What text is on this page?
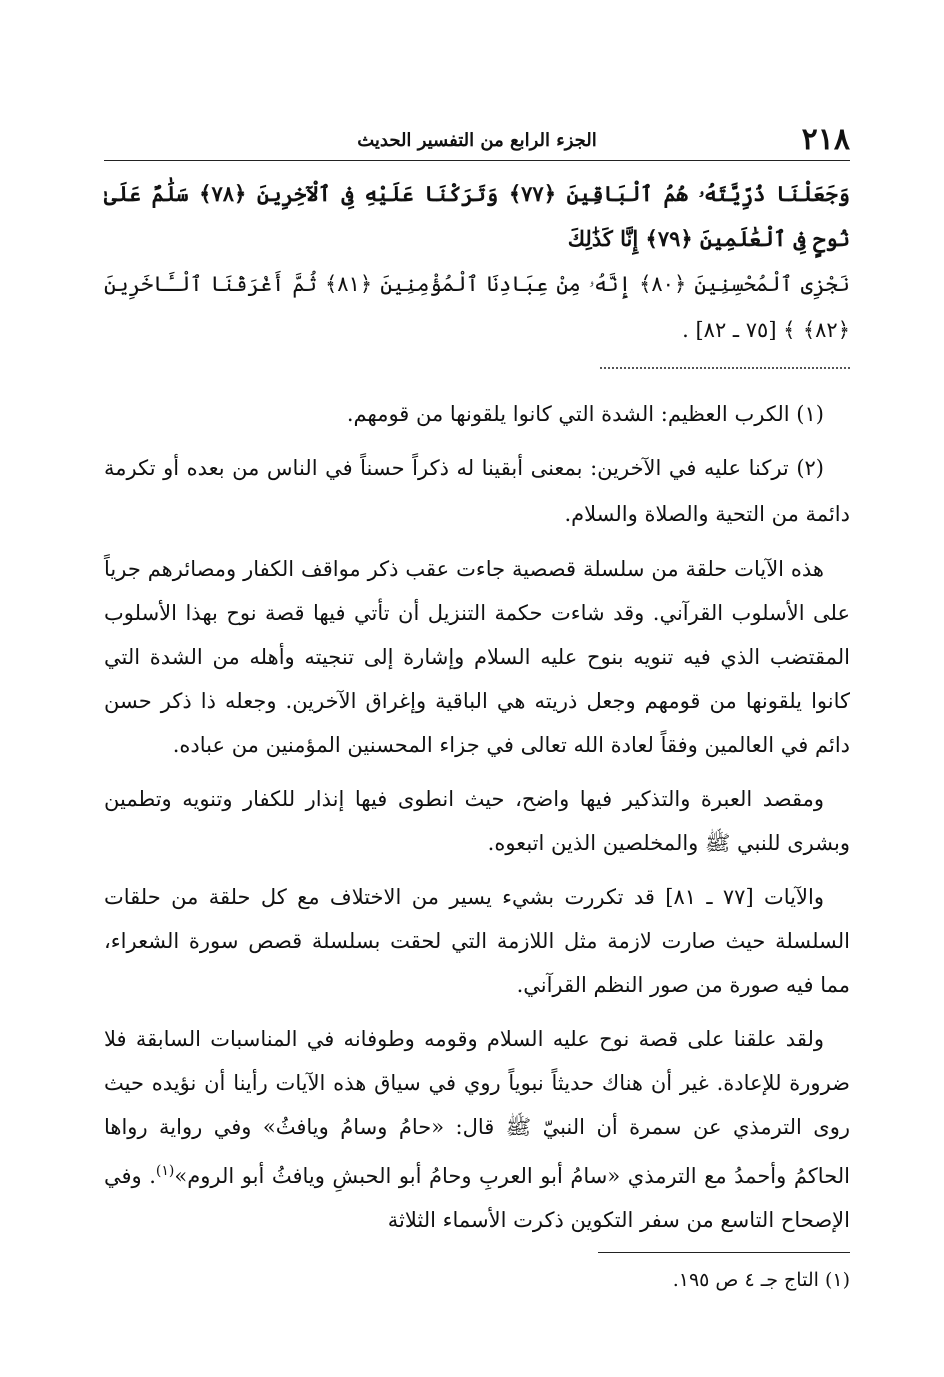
٢١٨
الجزء الرابع من التفسير الحديث
وَجَعَلْنَا ذُرِّيَّتَهُۥ هُمُ ٱلْبَاقِينَ ﴿٧٧﴾ وَتَرَكْنَا عَلَيْهِ فِى ٱلْآخِرِينَ ﴿٧٨﴾ سَلَٰمٌ عَلَىٰ نُوحٍ فِى ٱلْعَٰلَمِينَ ﴿٧٩﴾ إِنَّا كَذَٰلِكَ
نَجْزِى ٱلْمُحْسِنِينَ ﴿٨٠﴾ إِنَّهُۥ مِنْ عِبَادِنَا ٱلْمُؤْمِنِينَ ﴿٨١﴾ ثُمَّ أَغْرَقْنَا ٱلْـَٔاخَرِينَ ﴿٨٢﴾ ﴾ [٧٥ ـ ٨٢] .

(١) الكرب العظيم: الشدة التي كانوا يلقونها من قومهم.

(٢) تركنا عليه في الآخرين: بمعنى أبقينا له ذكراً حسناً في الناس من بعده أو تكرمة دائمة من التحية والصلاة والسلام.

هذه الآيات حلقة من سلسلة قصصية جاءت عقب ذكر مواقف الكفار ومصائرهم جرياً على الأسلوب القرآني. وقد شاءت حكمة التنزيل أن تأتي فيها قصة نوح بهذا الأسلوب المقتضب الذي فيه تنويه بنوح عليه السلام وإشارة إلى تنجيته وأهله من الشدة التي كانوا يلقونها من قومهم وجعل ذريته هي الباقية وإغراق الآخرين. وجعله ذا ذكر حسن دائم في العالمين وفقاً لعادة الله تعالى في جزاء المحسنين المؤمنين من عباده.

ومقصد العبرة والتذكير فيها واضح، حيث انطوى فيها إنذار للكفار وتنويه وتطمين وبشرى للنبي ﷺ والمخلصين الذين اتبعوه.

والآيات [٧٧ ـ ٨١] قد تكررت بشيء يسير من الاختلاف مع كل حلقة من حلقات السلسلة حيث صارت لازمة مثل اللازمة التي لحقت بسلسلة قصص سورة الشعراء، مما فيه صورة من صور النظم القرآني.

ولقد علقنا على قصة نوح عليه السلام وقومه وطوفانه في المناسبات السابقة فلا ضرورة للإعادة. غير أن هناك حديثاً نبوياً روي في سياق هذه الآيات رأينا أن نؤيده حيث روى الترمذي عن سمرة أن النبيّ ﷺ قال: «حامُ وسامُ ويافثُ» وفي رواية رواها الحاكمُ وأحمدُ مع الترمذي «سامُ أبو العربِ وحامُ أبو الحبشِ ويافثُ أبو الروم»$^{(١)}$. وفي الإصحاح التاسع من سفر التكوين ذكرت الأسماء الثلاثة

(١) التاج جـ ٤ ص ١٩٥.
